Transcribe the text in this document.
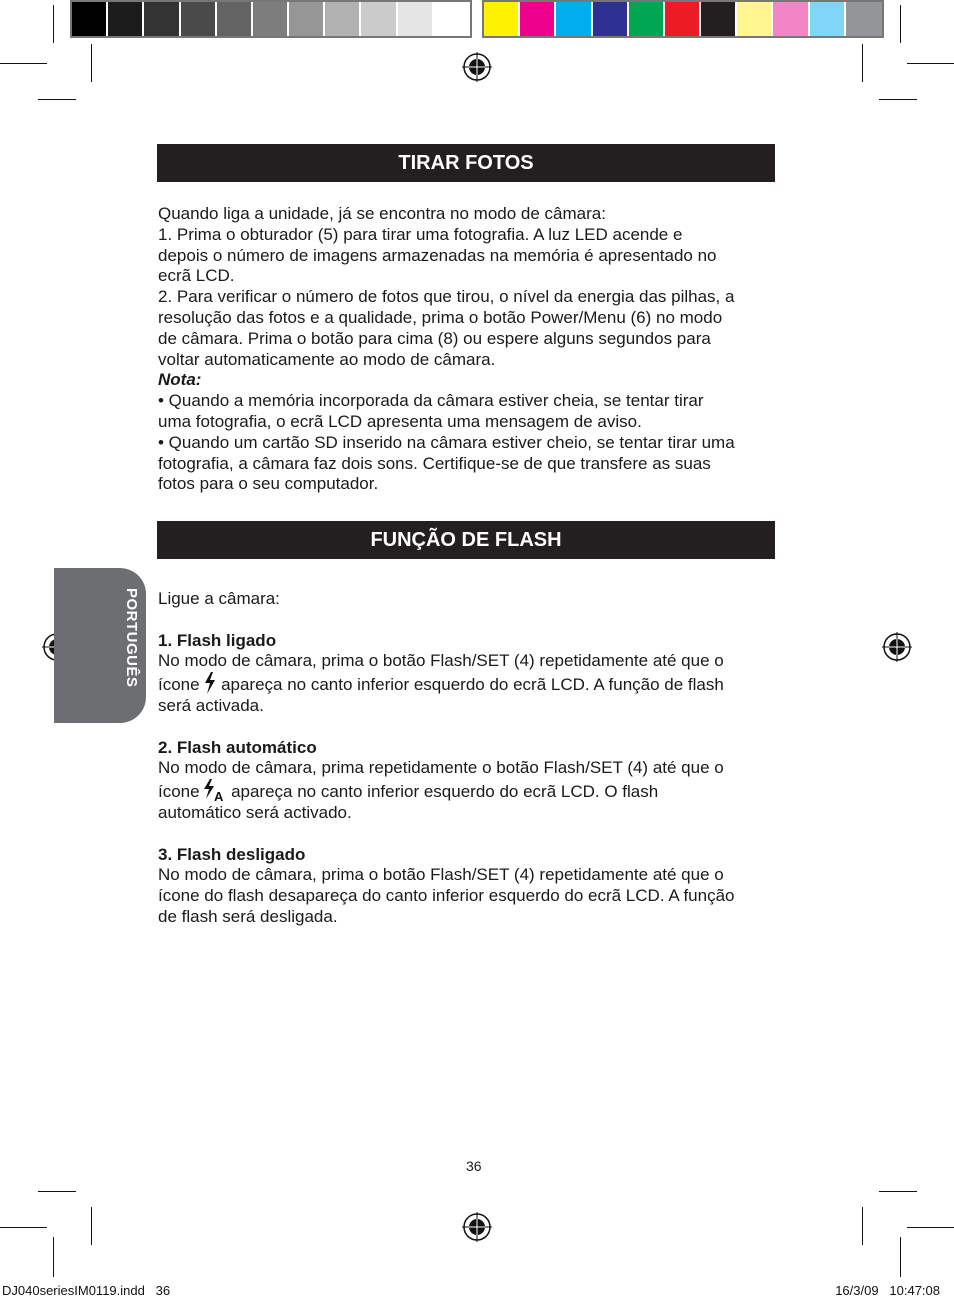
PORTUGUÊS
TIRAR FOTOS

Quando liga a unidade, já se encontra no modo de câmara:

1. Prima o obturador (5) para tirar uma fotografia. A luz LED acende e

depois o número de imagens armazenadas na memória é apresentado no

ecrã LCD.

2. Para verificar o número de fotos que tirou, o nível da energia das pilhas, a

resolução das fotos e a qualidade, prima o botão Power/Menu (6) no modo

de câmara. Prima o botão para cima (8) ou espere alguns segundos para

voltar automaticamente ao modo de câmara.

Nota:

• Quando a memória incorporada da câmara estiver cheia, se tentar tirar

uma fotografia, o ecrã LCD apresenta uma mensagem de aviso.

• Quando um cartão SD inserido na câmara estiver cheio, se tentar tirar uma

fotografia, a câmara faz dois sons. Certifique-se de que transfere as suas

fotos para o seu computador.

FUNÇÃO DE FLASH

Ligue a câmara:

1. Flash ligado

No modo de câmara, prima o botão Flash/SET (4) repetidamente até que o

ícone apareça no canto inferior esquerdo do ecrã LCD. A função de flash

será activada.

2. Flash automático

No modo de câmara, prima repetidamente o botão Flash/SET (4) até que o

ícone A apareça no canto inferior esquerdo do ecrã LCD. O flash

automático será activado.

3. Flash desligado

No modo de câmara, prima o botão Flash/SET (4) repetidamente até que o

ícone do flash desapareça do canto inferior esquerdo do ecrã LCD. A função

de flash será desligada.

36
DJ040seriesIM0119.indd   36	16/3/09   10:47:08
